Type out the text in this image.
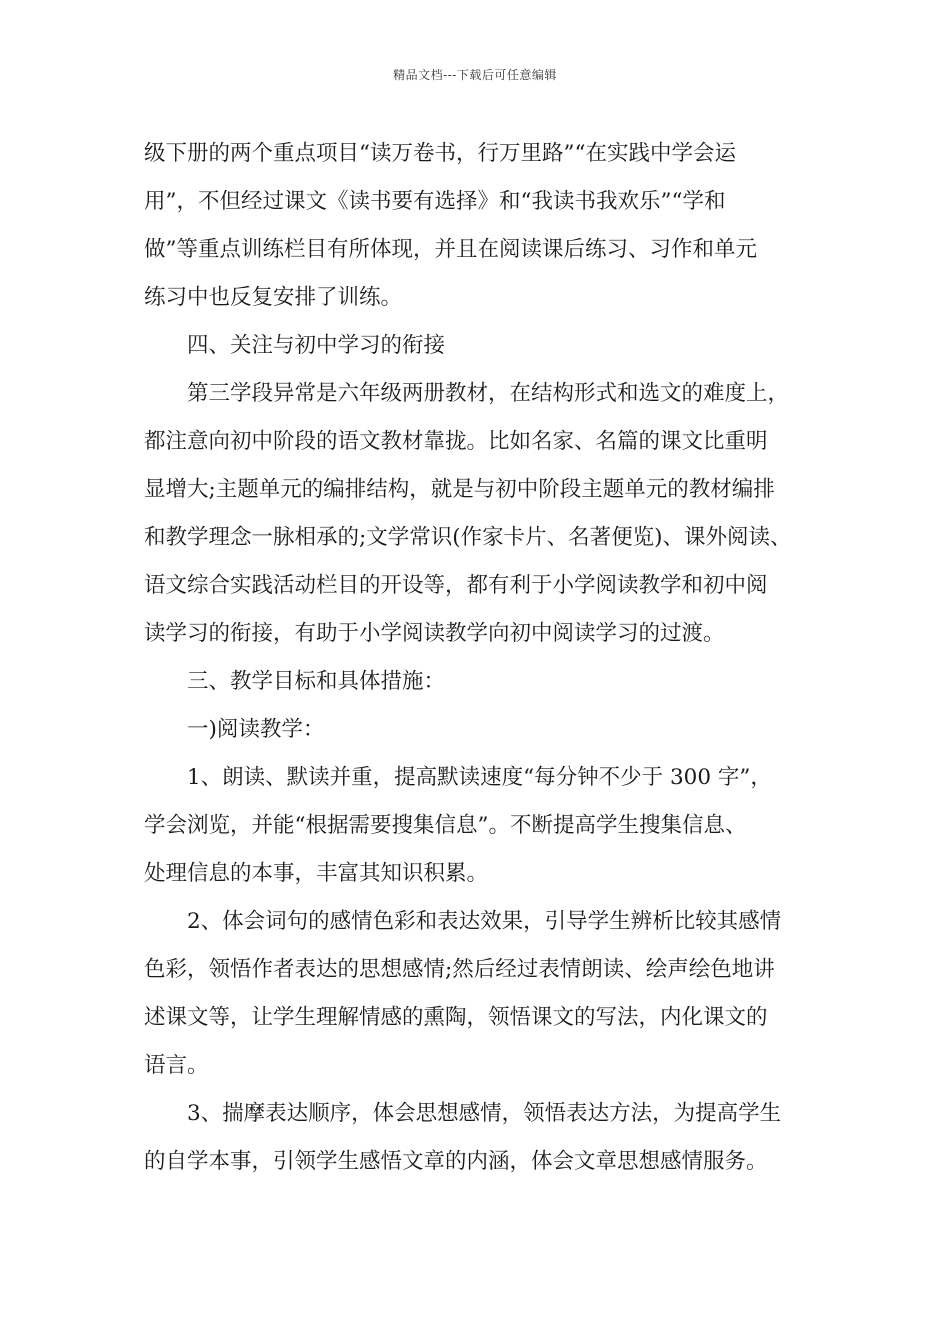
精品文档---下载后可任意编辑
级下册的两个重点项目“读万卷书，行万里路”“在实践中学会运
用”，不但经过课文《读书要有选择》和“我读书我欢乐”“学和
做”等重点训练栏目有所体现，并且在阅读课后练习、习作和单元
练习中也反复安排了训练。
四、关注与初中学习的衔接
第三学段异常是六年级两册教材，在结构形式和选文的难度上，
都注意向初中阶段的语文教材靠拢。比如名家、名篇的课文比重明
显增大;主题单元的编排结构，就是与初中阶段主题单元的教材编排
和教学理念一脉相承的;文学常识(作家卡片、名著便览)、课外阅读、
语文综合实践活动栏目的开设等，都有利于小学阅读教学和初中阅
读学习的衔接，有助于小学阅读教学向初中阅读学习的过渡。
三、教学目标和具体措施：
一)阅读教学：
1、朗读、默读并重，提高默读速度“每分钟不少于 300 字”，
学会浏览，并能“根据需要搜集信息”。不断提高学生搜集信息、
处理信息的本事，丰富其知识积累。
2、体会词句的感情色彩和表达效果，引导学生辨析比较其感情
色彩，领悟作者表达的思想感情;然后经过表情朗读、绘声绘色地讲
述课文等，让学生理解情感的熏陶，领悟课文的写法，内化课文的
语言。
3、揣摩表达顺序，体会思想感情，领悟表达方法，为提高学生
的自学本事，引领学生感悟文章的内涵，体会文章思想感情服务。
